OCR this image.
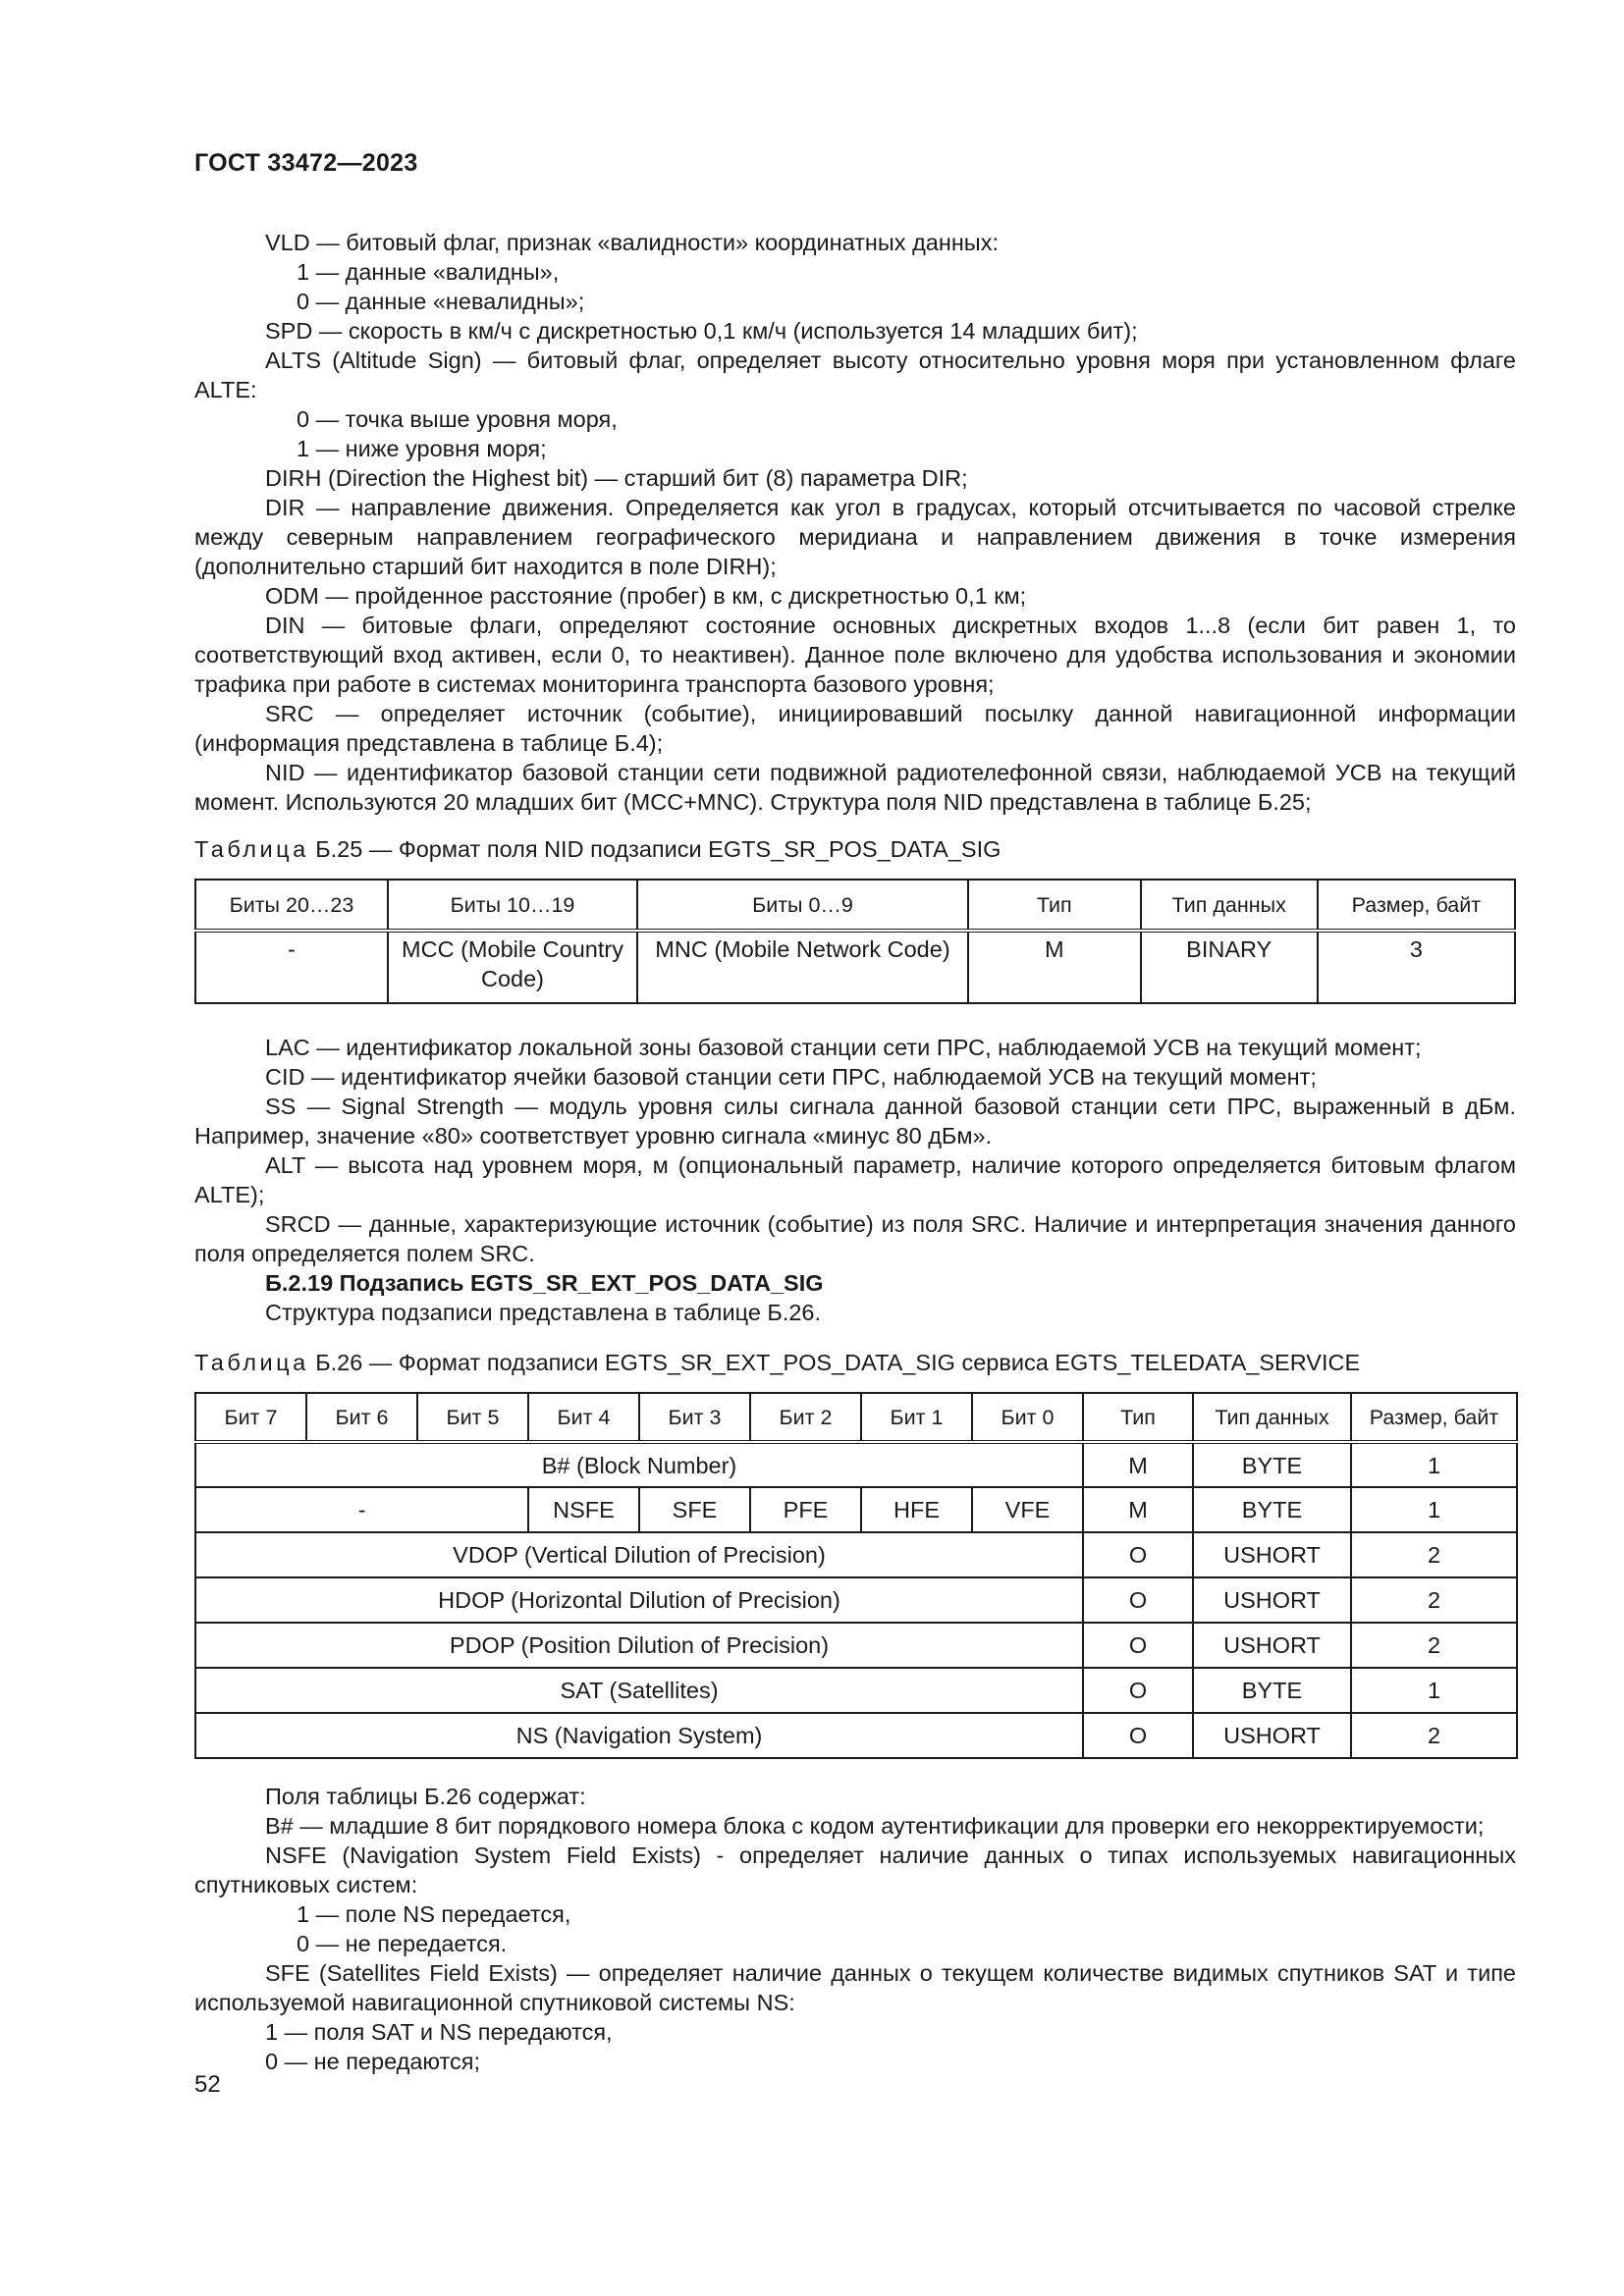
ГОСТ 33472—2023

VLD — битовый флаг, признак «валидности» координатных данных:

1 — данные «валидны»,

0 — данные «невалидны»;

SPD — скорость в км/ч с дискретностью 0,1 км/ч (используется 14 младших бит);

ALTS (Altitude Sign) — битовый флаг, определяет высоту относительно уровня моря при установленном флаге ALTE:

0 — точка выше уровня моря,

1 — ниже уровня моря;

DIRH (Direction the Highest bit) — старший бит (8) параметра DIR;

DIR — направление движения. Определяется как угол в градусах, который отсчитывается по часовой стрелке между северным направлением географического меридиана и направлением движения в точке измерения (дополнительно старший бит находится в поле DIRH);

ODM — пройденное расстояние (пробег) в км, с дискретностью 0,1 км;

DIN — битовые флаги, определяют состояние основных дискретных входов 1...8 (если бит равен 1, то соответствующий вход активен, если 0, то неактивен). Данное поле включено для удобства использования и экономии трафика при работе в системах мониторинга транспорта базового уровня;

SRC — определяет источник (событие), инициировавший посылку данной навигационной информации (информация представлена в таблице Б.4);

NID — идентификатор базовой станции сети подвижной радиотелефонной связи, наблюдаемой УСВ на текущий момент. Используются 20 младших бит (MCC+MNC). Структура поля NID представлена в таблице Б.25;

Таблица Б.25 — Формат поля NID подзаписи EGTS_SR_POS_DATA_SIG
Биты 20…23	Биты 10…19	Биты 0…9	Тип	Тип данных	Размер, байт
-	MCC (Mobile Country Code)	MNC (Mobile Network Code)	M	BINARY	3

LAC — идентификатор локальной зоны базовой станции сети ПРС, наблюдаемой УСВ на текущий момент;

CID — идентификатор ячейки базовой станции сети ПРС, наблюдаемой УСВ на текущий момент;

SS — Signal Strength — модуль уровня силы сигнала данной базовой станции сети ПРС, выраженный в дБм. Например, значение «80» соответствует уровню сигнала «минус 80 дБм».

ALT — высота над уровнем моря, м (опциональный параметр, наличие которого определяется битовым флагом ALTE);

SRCD — данные, характеризующие источник (событие) из поля SRC. Наличие и интерпретация значения данного поля определяется полем SRC.

Б.2.19 Подзапись EGTS_SR_EXT_POS_DATA_SIG

Структура подзаписи представлена в таблице Б.26.

Таблица Б.26 — Формат подзаписи EGTS_SR_EXT_POS_DATA_SIG сервиса EGTS_TELEDATA_SERVICE
Бит 7	Бит 6	Бит 5	Бит 4	Бит 3	Бит 2	Бит 1	Бит 0	Тип	Тип данных	Размер, байт
B# (Block Number)								M	BYTE	1
-			NSFE	SFE	PFE	HFE	VFE	M	BYTE	1
VDOP (Vertical Dilution of Precision)								O	USHORT	2
HDOP (Horizontal Dilution of Precision)								O	USHORT	2
PDOP (Position Dilution of Precision)								O	USHORT	2
SAT (Satellites)								O	BYTE	1
NS (Navigation System)								O	USHORT	2

Поля таблицы Б.26 содержат:

B# — младшие 8 бит порядкового номера блока с кодом аутентификации для проверки его некорректируемости;

NSFE (Navigation System Field Exists) - определяет наличие данных о типах используемых навигационных спутниковых систем:

1 — поле NS передается,

0 — не передается.

SFE (Satellites Field Exists) — определяет наличие данных о текущем количестве видимых спутников SAT и типе используемой навигационной спутниковой системы NS:

1 — поля SAT и NS передаются,

0 — не передаются;

52
